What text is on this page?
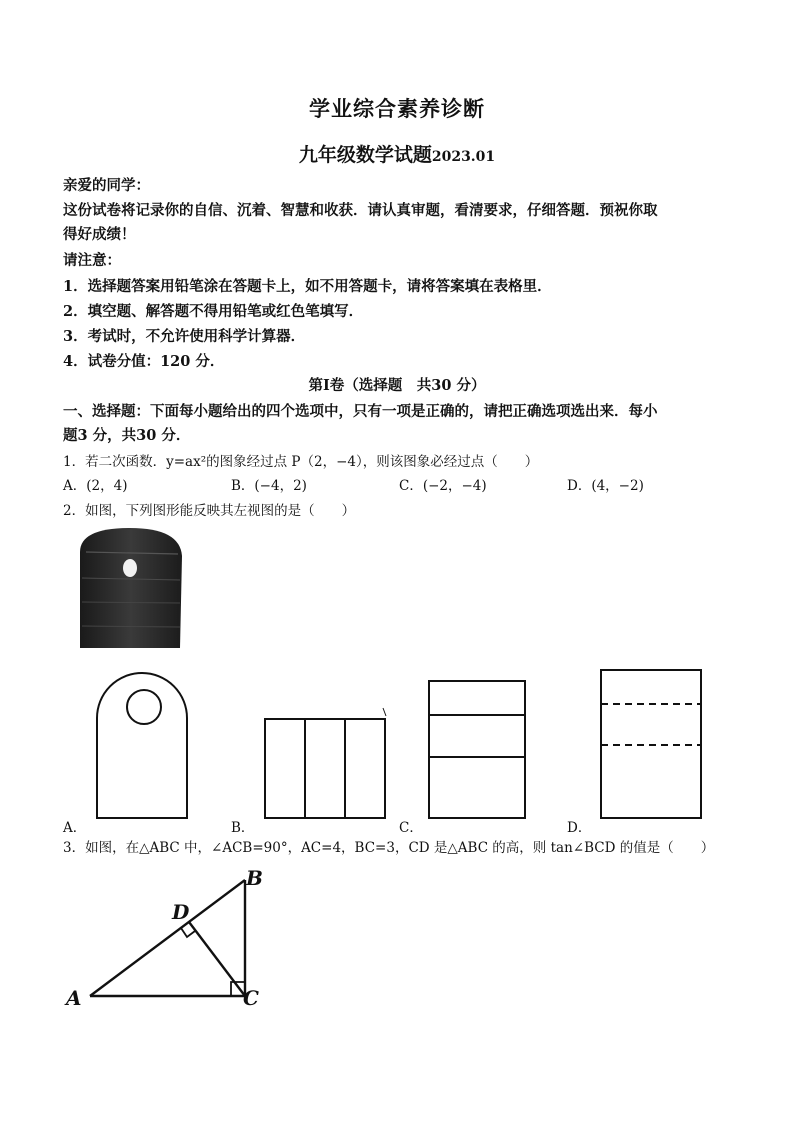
学业综合素养诊断
九年级数学试题2023.01
亲爱的同学：
这份试卷将记录你的自信、沉着、智慧和收获．请认真审题，看清要求，仔细答题．预祝你取
得好成绩！
请注意：
1．选择题答案用铅笔涂在答题卡上，如不用答题卡，请将答案填在表格里．
2．填空题、解答题不得用铅笔或红色笔填写．
3．考试时，不允许使用科学计算器．
4．试卷分值：120 分．
第Ⅰ卷（选择题　共30 分）
一、选择题：下面每小题给出的四个选项中，只有一项是正确的，请把正确选项选出来．每小
题3 分，共30 分．
1．若二次函数．y=ax²的图象经过点 P（2，−4），则该图象必经过点（　　）
A．(2，4)	B．(−4，2)	C．(−2，−4)	D．(4，−2)
2．如图，下列图形能反映其左视图的是（　　）
A．	B．	C．	D．
3．如图，在△ABC 中，∠ACB=90°，AC=4，BC=3，CD 是△ABC 的高，则 tan∠BCD 的值是（　　）
A
B
C
D
